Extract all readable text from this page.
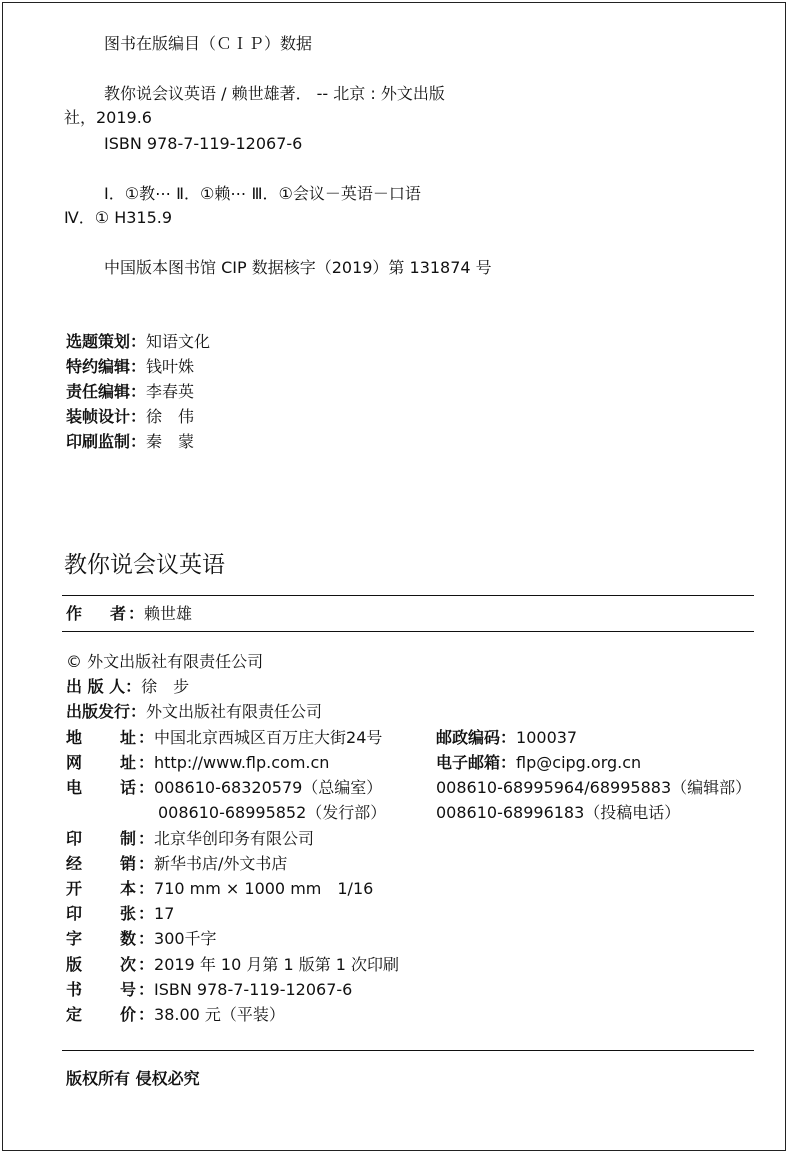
图书在版编目（ＣＩＰ）数据
教你说会议英语 / 赖世雄著． -- 北京 : 外文出版
社，2019.6
ISBN 978-7-119-12067-6
Ⅰ．①教⋯ Ⅱ．①赖⋯ Ⅲ．①会议－英语－口语
Ⅳ．① H315.9
中国版本图书馆 CIP 数据核字（2019）第 131874 号
选题策划：知语文化
特约编辑：钱叶姝
责任编辑：李春英
装帧设计：徐　伟
印刷监制：秦　蒙
教你说会议英语
作 者 ：赖世雄
© 外文出版社有限责任公司
出 版 人：徐　步
出版发行：外文出版社有限责任公司
地 址 ：中国北京西城区百万庄大街24号	邮政编码：100037
网 址 ：http://www.flp.com.cn	电子邮箱：flp@cipg.org.cn
电 话 ：008610-68320579（总编室）	008610-68995964/68995883（编辑部）
008610-68995852（发行部）	008610-68996183（投稿电话）
印 制 ：北京华创印务有限公司
经 销 ：新华书店/外文书店
开 本 ：710 mm × 1000 mm　1/16
印 张 ：17
字 数 ：300千字
版 次 ：2019 年 10 月第 1 版第 1 次印刷
书 号 ：ISBN 978-7-119-12067-6
定 价 ：38.00 元（平装）
版权所有 侵权必究
